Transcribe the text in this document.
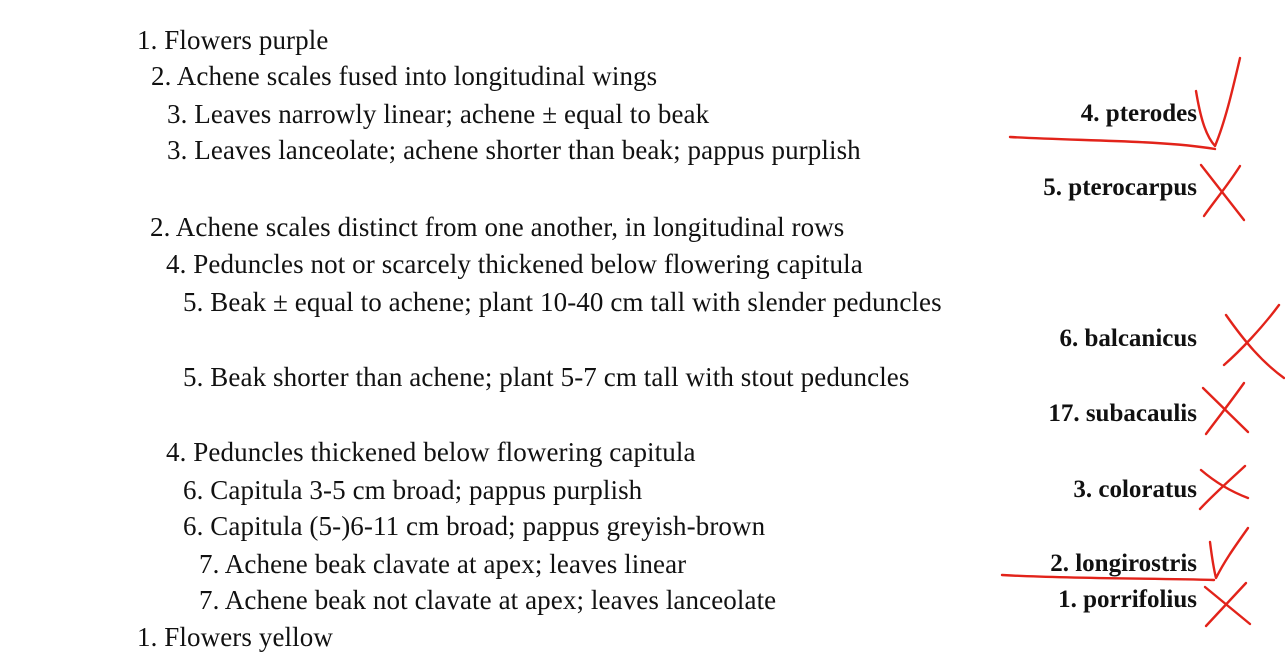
1. Flowers purple
2. Achene scales fused into longitudinal wings
3. Leaves narrowly linear; achene ± equal to beak
3. Leaves lanceolate; achene shorter than beak; pappus purplish
2. Achene scales distinct from one another, in longitudinal rows
4. Peduncles not or scarcely thickened below flowering capitula
5. Beak ± equal to achene; plant 10-40 cm tall with slender peduncles
5. Beak shorter than achene; plant 5-7 cm tall with stout peduncles
4. Peduncles thickened below flowering capitula
6. Capitula 3-5 cm broad; pappus purplish
6. Capitula (5-)6-11 cm broad; pappus greyish-brown
7. Achene beak clavate at apex; leaves linear
7. Achene beak not clavate at apex; leaves lanceolate
1. Flowers yellow
4. pterodes
5. pterocarpus
6. balcanicus
17. subacaulis
3. coloratus
2. longirostris
1. porrifolius
